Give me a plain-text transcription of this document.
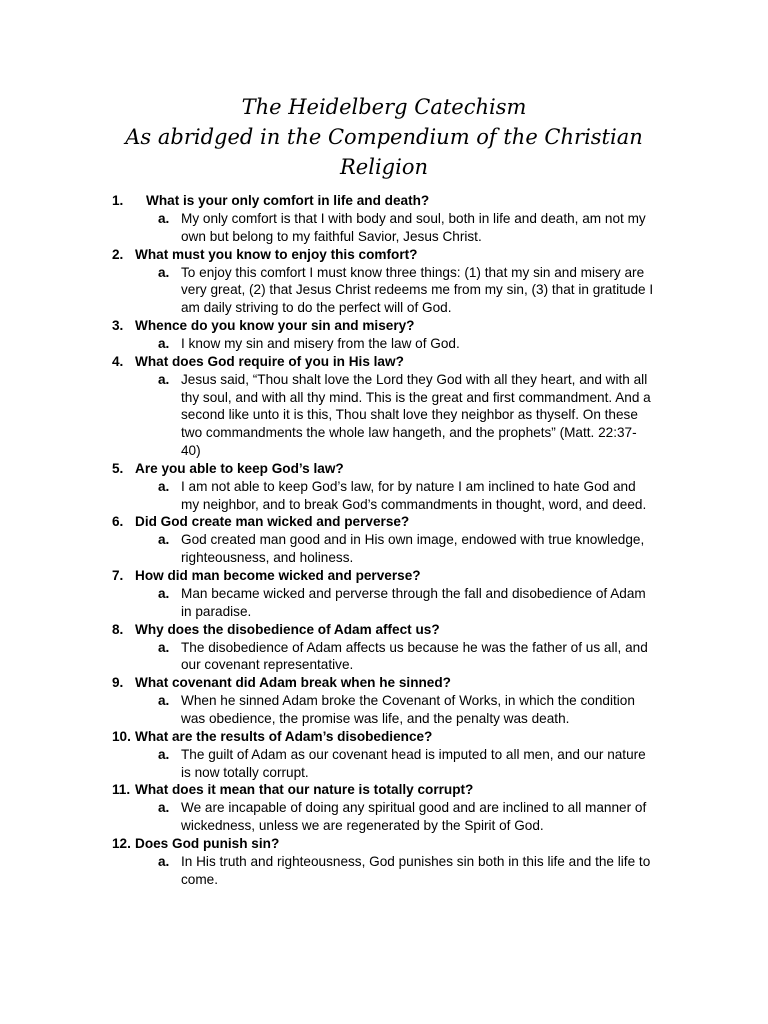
The Heidelberg Catechism
As abridged in the Compendium of the Christian
Religion
1. What is your only comfort in life and death?
a. My only comfort is that I with body and soul, both in life and death, am not my own but belong to my faithful Savior, Jesus Christ.
2. What must you know to enjoy this comfort?
a. To enjoy this comfort I must know three things: (1) that my sin and misery are very great, (2) that Jesus Christ redeems me from my sin, (3) that in gratitude I am daily striving to do the perfect will of God.
3. Whence do you know your sin and misery?
a. I know my sin and misery from the law of God.
4. What does God require of you in His law?
a. Jesus said, “Thou shalt love the Lord they God with all they heart, and with all thy soul, and with all thy mind. This is the great and first commandment. And a second like unto it is this, Thou shalt love they neighbor as thyself. On these two commandments the whole law hangeth, and the prophets” (Matt. 22:37-40)
5. Are you able to keep God’s law?
a. I am not able to keep God’s law, for by nature I am inclined to hate God and my neighbor, and to break God’s commandments in thought, word, and deed.
6. Did God create man wicked and perverse?
a. God created man good and in His own image, endowed with true knowledge, righteousness, and holiness.
7. How did man become wicked and perverse?
a. Man became wicked and perverse through the fall and disobedience of Adam in paradise.
8. Why does the disobedience of Adam affect us?
a. The disobedience of Adam affects us because he was the father of us all, and our covenant representative.
9. What covenant did Adam break when he sinned?
a. When he sinned Adam broke the Covenant of Works, in which the condition was obedience, the promise was life, and the penalty was death.
10. What are the results of Adam’s disobedience?
a. The guilt of Adam as our covenant head is imputed to all men, and our nature is now totally corrupt.
11. What does it mean that our nature is totally corrupt?
a. We are incapable of doing any spiritual good and are inclined to all manner of wickedness, unless we are regenerated by the Spirit of God.
12. Does God punish sin?
a. In His truth and righteousness, God punishes sin both in this life and the life to come.
